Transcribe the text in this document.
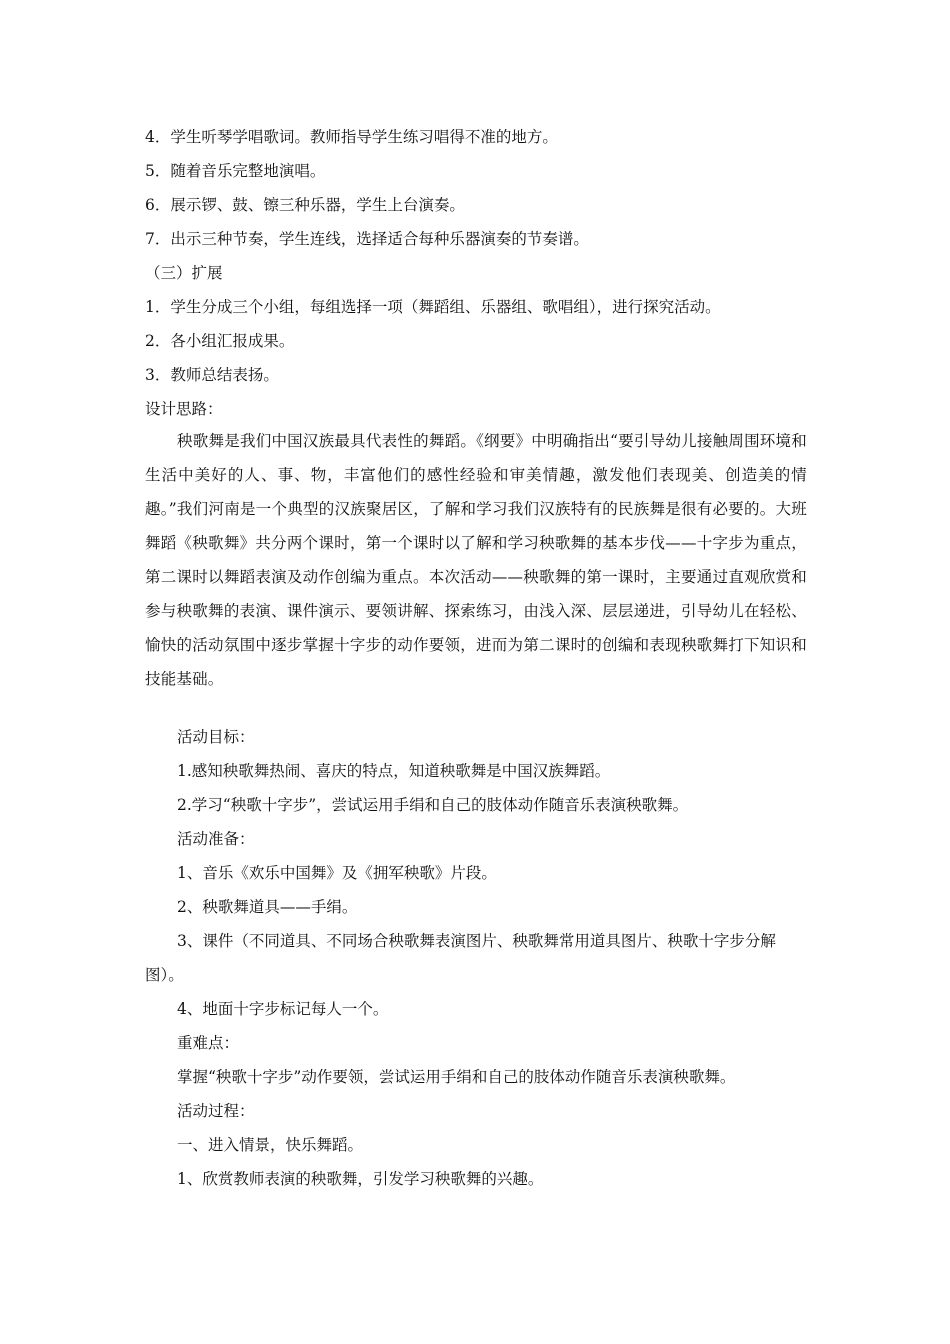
4．学生听琴学唱歌词。教师指导学生练习唱得不准的地方。
5．随着音乐完整地演唱。
6．展示锣、鼓、镲三种乐器，学生上台演奏。
7．出示三种节奏，学生连线，选择适合每种乐器演奏的节奏谱。
（三）扩展
1．学生分成三个小组，每组选择一项（舞蹈组、乐器组、歌唱组），进行探究活动。
2．各小组汇报成果。
3．教师总结表扬。
设计思路：
秧歌舞是我们中国汉族最具代表性的舞蹈。《纲要》中明确指出“要引导幼儿接触周围环境和生活中美好的人、事、物，丰富他们的感性经验和审美情趣，激发他们表现美、创造美的情趣。”我们河南是一个典型的汉族聚居区，了解和学习我们汉族特有的民族舞是很有必要的。大班舞蹈《秧歌舞》共分两个课时，第一个课时以了解和学习秧歌舞的基本步伐——十字步为重点，第二课时以舞蹈表演及动作创编为重点。本次活动——秧歌舞的第一课时，主要通过直观欣赏和参与秧歌舞的表演、课件演示、要领讲解、探索练习，由浅入深、层层递进，引导幼儿在轻松、愉快的活动氛围中逐步掌握十字步的动作要领，进而为第二课时的创编和表现秧歌舞打下知识和技能基础。
活动目标：
1.感知秧歌舞热闹、喜庆的特点，知道秧歌舞是中国汉族舞蹈。
2.学习“秧歌十字步”，尝试运用手绢和自己的肢体动作随音乐表演秧歌舞。
活动准备：
1、音乐《欢乐中国舞》及《拥军秧歌》片段。
2、秧歌舞道具——手绢。
3、课件（不同道具、不同场合秧歌舞表演图片、秧歌舞常用道具图片、秧歌十字步分解
图）。
4、地面十字步标记每人一个。
重难点：
掌握“秧歌十字步”动作要领，尝试运用手绢和自己的肢体动作随音乐表演秧歌舞。
活动过程：
一、进入情景，快乐舞蹈。
1、欣赏教师表演的秧歌舞，引发学习秧歌舞的兴趣。
